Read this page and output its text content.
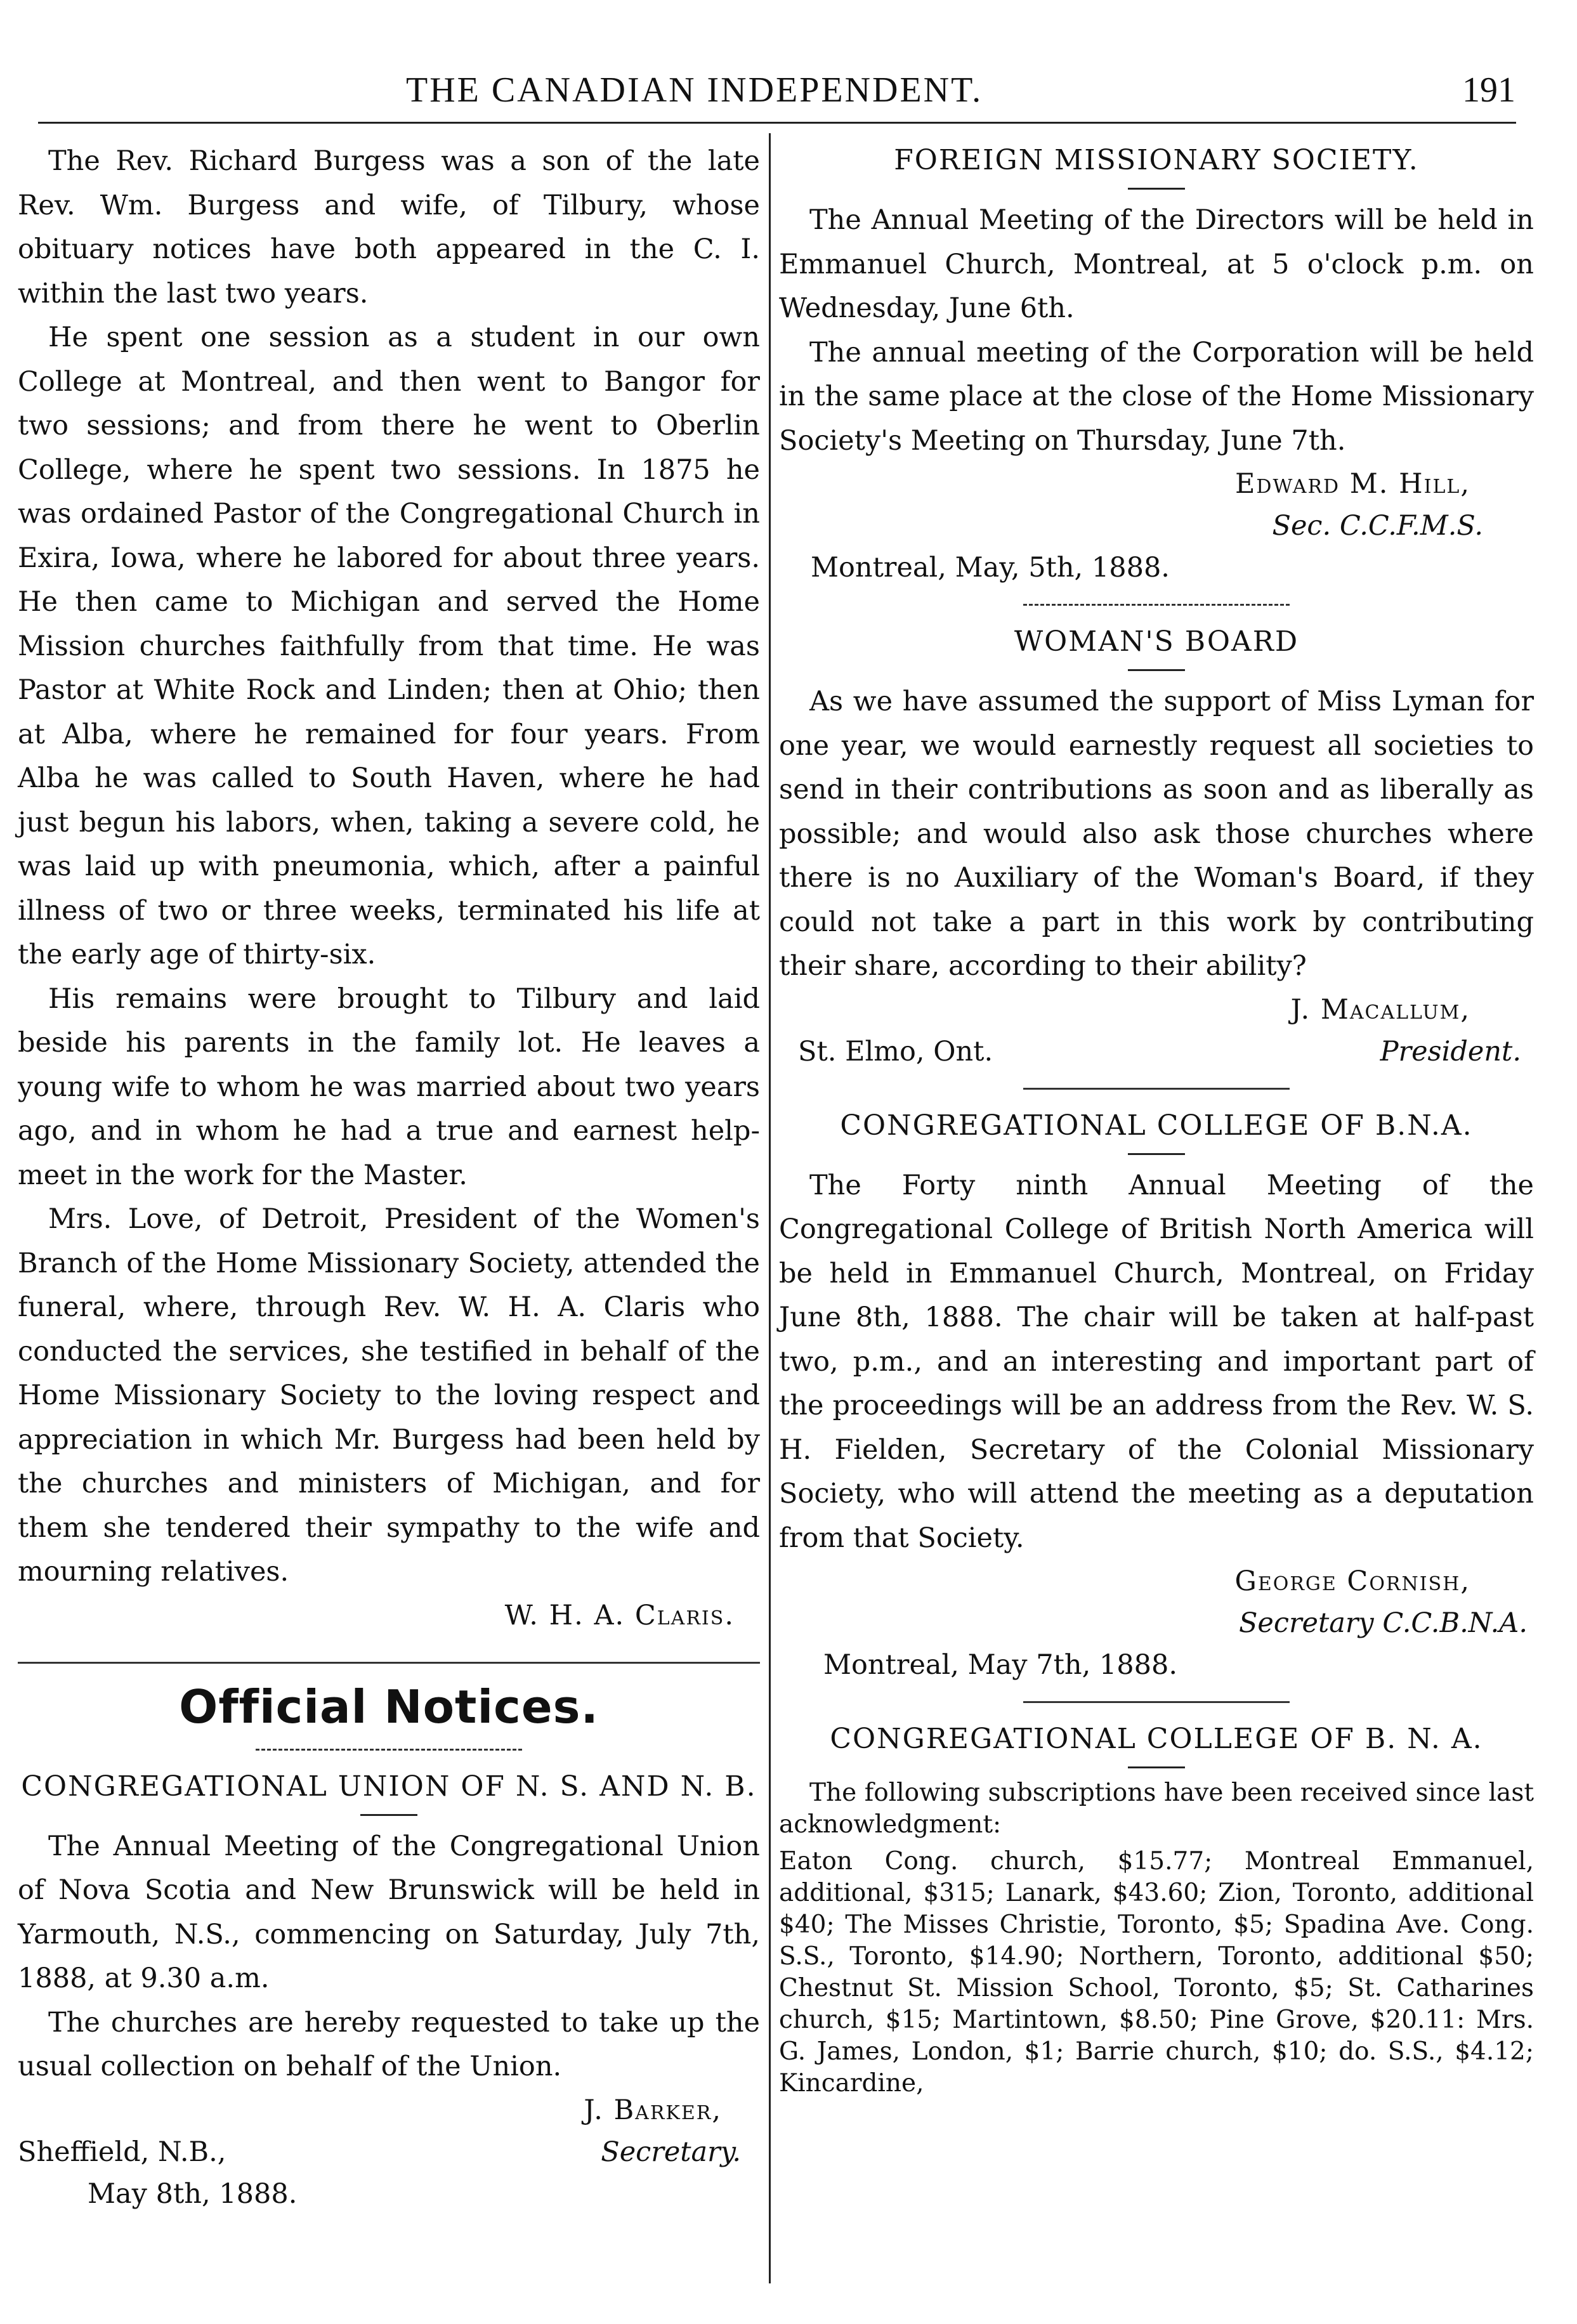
THE CANADIAN INDEPENDENT.	191

The Rev. Richard Burgess was a son of the late Rev. Wm. Burgess and wife, of Tilbury, whose obituary notices have both appeared in the C. I. within the last two years.

He spent one session as a student in our own College at Montreal, and then went to Bangor for two sessions; and from there he went to Oberlin College, where he spent two sessions. In 1875 he was ordained Pastor of the Congregational Church in Exira, Iowa, where he labored for about three years. He then came to Michigan and served the Home Mission churches faithfully from that time. He was Pastor at White Rock and Linden; then at Ohio; then at Alba, where he remained for four years. From Alba he was called to South Haven, where he had just begun his labors, when, taking a severe cold, he was laid up with pneumonia, which, after a painful illness of two or three weeks, terminated his life at the early age of thirty-six.

His remains were brought to Tilbury and laid beside his parents in the family lot. He leaves a young wife to whom he was married about two years ago, and in whom he had a true and earnest help-meet in the work for the Master.

Mrs. Love, of Detroit, President of the Women's Branch of the Home Missionary Society, attended the funeral, where, through Rev. W. H. A. Claris who conducted the services, she testified in behalf of the Home Missionary Society to the loving respect and appreciation in which Mr. Burgess had been held by the churches and ministers of Michigan, and for them she tendered their sympathy to the wife and mourning relatives.

W. H. A. Claris.

Official Notices.

CONGREGATIONAL UNION OF N. S. AND N. B.

The Annual Meeting of the Congregational Union of Nova Scotia and New Brunswick will be held in Yarmouth, N.S., commencing on Saturday, July 7th, 1888, at 9.30 a.m.

The churches are hereby requested to take up the usual collection on behalf of the Union.

J. Barker,

Sheffield, N.B.,	Secretary.

May 8th, 1888.

FOREIGN MISSIONARY SOCIETY.

The Annual Meeting of the Directors will be held in Emmanuel Church, Montreal, at 5 o'clock p.m. on Wednesday, June 6th.

The annual meeting of the Corporation will be held in the same place at the close of the Home Missionary Society's Meeting on Thursday, June 7th.

Edward M. Hill,

Sec. C.C.F.M.S.

Montreal, May, 5th, 1888.

WOMAN'S BOARD

As we have assumed the support of Miss Lyman for one year, we would earnestly request all societies to send in their contributions as soon and as liberally as possible; and would also ask those churches where there is no Auxiliary of the Woman's Board, if they could not take a part in this work by contributing their share, according to their ability?

J. Macallum,

St. Elmo, Ont.	President.

CONGREGATIONAL COLLEGE OF B.N.A.

The Forty ninth Annual Meeting of the Congregational College of British North America will be held in Emmanuel Church, Montreal, on Friday June 8th, 1888. The chair will be taken at half-past two, p.m., and an interesting and important part of the proceedings will be an address from the Rev. W. S. H. Fielden, Secretary of the Colonial Missionary Society, who will attend the meeting as a deputation from that Society.

George Cornish,

Secretary C.C.B.N.A.

Montreal, May 7th, 1888.

CONGREGATIONAL COLLEGE OF B. N. A.

The following subscriptions have been received since last acknowledgment:

Eaton Cong. church, $15.77; Montreal Emmanuel, additional, $315; Lanark, $43.60; Zion, Toronto, additional $40; The Misses Christie, Toronto, $5; Spadina Ave. Cong. S.S., Toronto, $14.90; Northern, Toronto, additional $50; Chestnut St. Mission School, Toronto, $5; St. Catharines church, $15; Martintown, $8.50; Pine Grove, $20.11: Mrs. G. James, London, $1; Barrie church, $10; do. S.S., $4.12; Kincardine,
